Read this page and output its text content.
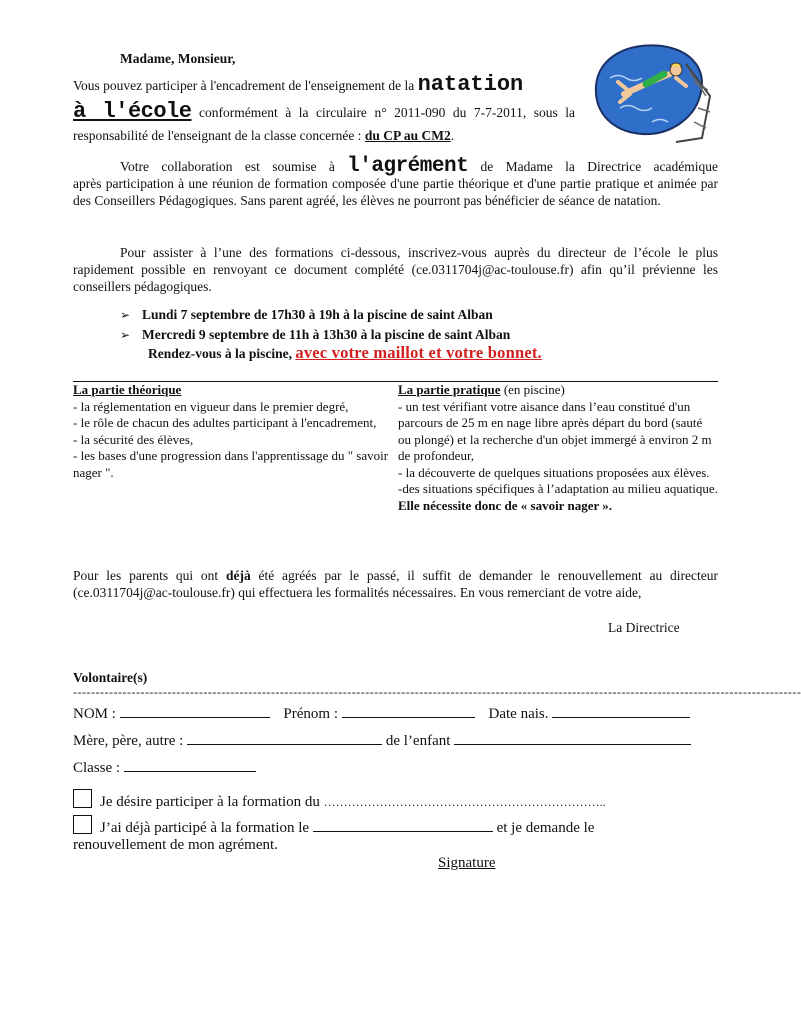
Madame, Monsieur,
Vous pouvez participer à l'encadrement de l'enseignement de la natation
à l'école conformément à la circulaire n° 2011-090 du 7-7-2011, sous la
responsabilité de l'enseignant de la classe concernée : du CP au CM2.
Votre collaboration est soumise à l'agrément de Madame la Directrice académique
après participation à une réunion de formation composée d'une partie théorique et d'une partie pratique et animée par des Conseillers Pédagogiques. Sans parent agréé, les élèves ne pourront pas bénéficier de séance de natation.
Pour assister à l’une des formations ci-dessous, inscrivez-vous auprès du directeur de l’école le plus rapidement possible en renvoyant ce document complété (ce.0311704j@ac-toulouse.fr) afin qu’il prévienne les conseillers pédagogiques.
➢ Lundi 7 septembre de 17h30 à 19h à la piscine de saint Alban
➢ Mercredi 9 septembre de 11h à 13h30 à la piscine de saint Alban
Rendez-vous à la piscine, avec votre maillot et votre bonnet.

La partie théorique

- la réglementation en vigueur dans le premier degré,

- le rôle de chacun des adultes participant à l'encadrement,

- la sécurité des élèves,

- les bases d'une progression dans l'apprentissage du " savoir nager ".

La partie pratique (en piscine)

- un test vérifiant votre aisance dans l’eau constitué d'un parcours de 25 m en nage libre après départ du bord (sauté ou plongé) et la recherche d'un objet immergé à environ 2 m de profondeur,

- la découverte de quelques situations proposées aux élèves.

-des situations spécifiques à l’adaptation au milieu aquatique. Elle nécessite donc de « savoir nager ».

Pour les parents qui ont déjà été agréés par le passé, il suffit de demander le renouvellement au directeur (ce.0311704j@ac-toulouse.fr) qui effectuera les formalités nécessaires. En vous remerciant de votre aide,
La Directrice
Volontaire(s)
------------------------------------------------------------------------------------------------------------------------------------------------------------------
NOM :	Prénom :	Date nais.
Mère, père, autre :	de l’enfant
Classe :
Je désire participer à la formation du ……………………………………………………………..
J’ai déjà participé à la formation le	et je demande le
renouvellement de mon agrément.
Signature
